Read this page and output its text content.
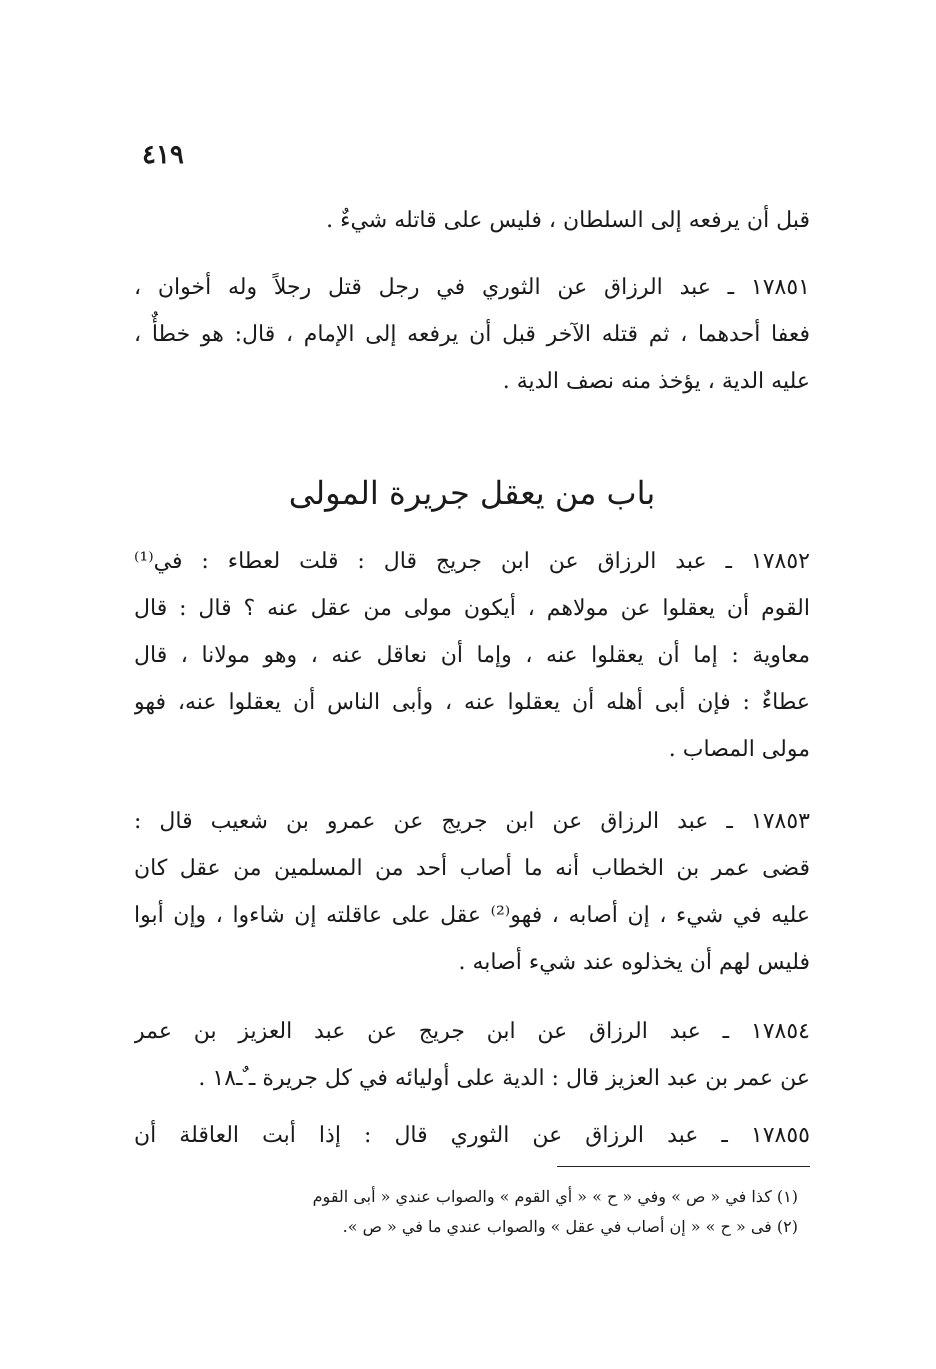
٤١٩
قبل أن يرفعه إلى السلطان ، فليس على قاتله شيءٌ .
١٧٨٥١ ـ عبد الرزاق عن الثوري في رجل قتل رجلاً وله أخوان ،
فعفا أحدهما ، ثم قتله الآخر قبل أن يرفعه إلى الإمام ، قال: هو خطأٌ ،
عليه الدية ، يؤخذ منه نصف الدية .
باب من يعقل جريرة المولى
١٧٨٥٢ ـ عبد الرزاق عن ابن جريج قال : قلت لعطاء : في⁽¹⁾
القوم أن يعقلوا عن مولاهم ، أيكون مولى من عقل عنه ؟ قال : قال
معاوية : إما أن يعقلوا عنه ، وإما أن نعاقل عنه ، وهو مولانا ، قال
عطاءٌ : فإن أبى أهله أن يعقلوا عنه ، وأبى الناس أن يعقلوا عنه، فهو
مولى المصاب .
١٧٨٥٣ ـ عبد الرزاق عن ابن جريج عن عمرو بن شعيب قال :
قضى عمر بن الخطاب أنه ما أصاب أحد من المسلمين من عقل كان
عليه في شيء ، إن أصابه ، فهو⁽²⁾ عقل على عاقلته إن شاءوا ، وإن أبوا
فليس لهم أن يخذلوه عند شيء أصابه .
١٧٨٥٤ ـ عبد الرزاق عن ابن جريج عن عبد العزيز بن عمر
عن عمر بن عبد العزيز قال : الدية على أوليائه في كل جريرة ـ ٌـ١٨ .
١٧٨٥٥ ـ عبد الرزاق عن الثوري قال : إذا أبت العاقلة أن
(١) كذا في « ص » وفي « ح » « أي القوم » والصواب عندي « أبى القوم
(٢) فى « ح » « إن أصاب في عقل » والصواب عندي ما في « ص ».
